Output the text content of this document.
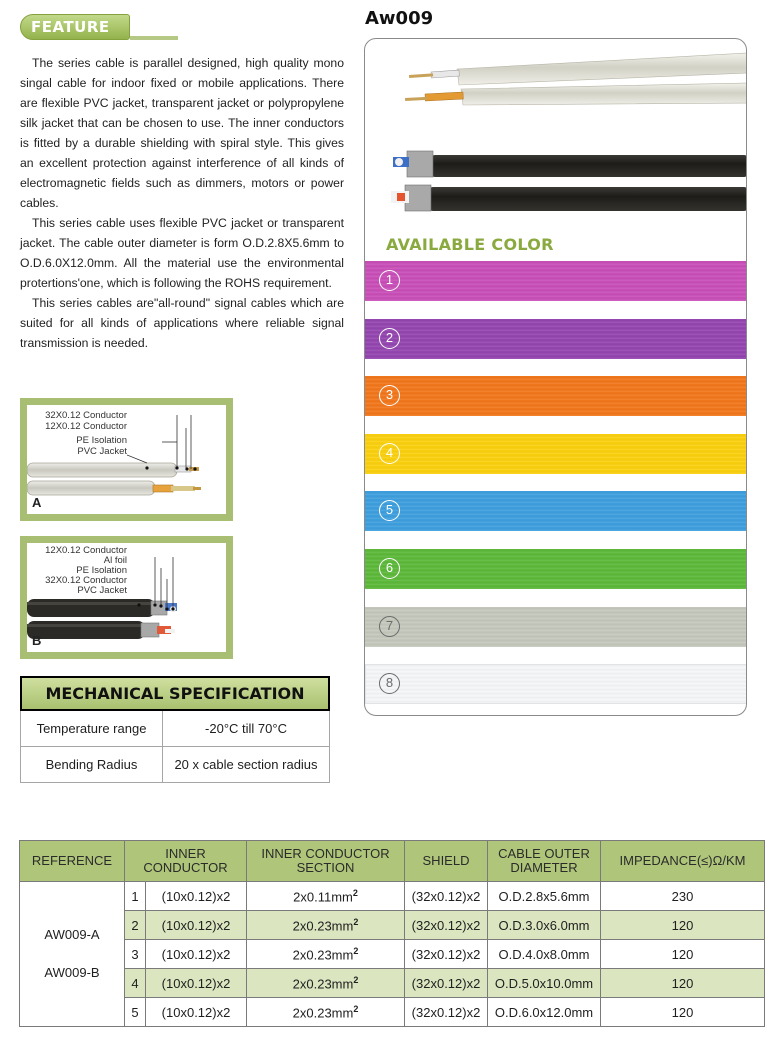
FEATURE

The series cable is parallel designed, high quality mono singal cable for indoor fixed or mobile applications. There are flexible PVC jacket, transparent jacket or polypropylene silk jacket that can be chosen to use. The inner conductors is fitted by a durable shielding with spiral style. This gives an excellent protection against interference of all kinds of electromagnetic fields such as dimmers, motors or power cables.

This series cable uses flexible PVC jacket or transparent jacket. The cable outer diameter is form O.D.2.8X5.6mm to O.D.6.0X12.0mm. All the material use the environmental protertions'one, which is following the ROHS requirement.

This series cables are"all-round" signal cables which are suited for all kinds of applications where reliable signal transmission is needed.

32X0.12 Conductor
12X0.12 Conductor
PE Isolation
PVC Jacket
A
12X0.12 Conductor
Al foil
PE Isolation
32X0.12 Conductor
PVC Jacket
B
MECHANICAL SPECIFICATION
Temperature range	-20°C till 70°C
Bending Radius	20 x cable section radius
Aw009
AVAILABLE COLOR
1
2
3
4
5
6
7
8
REFERENCE	INNER CONDUCTOR		INNER CONDUCTOR SECTION	SHIELD	CABLE OUTER DIAMETER	IMPEDANCE(≤)Ω/KM

AW009-A
AW009-B	1	(10x0.12)x2	$2x0.11mm^2$	(32x0.12)x2	O.D.2.8x5.6mm	230
	2	(10x0.12)x2	$2x0.23mm^2$	(32x0.12)x2	O.D.3.0x6.0mm	120
	3	(10x0.12)x2	$2x0.23mm^2$	(32x0.12)x2	O.D.4.0x8.0mm	120
	4	(10x0.12)x2	$2x0.23mm^2$	(32x0.12)x2	O.D.5.0x10.0mm	120
	5	(10x0.12)x2	$2x0.23mm^2$	(32x0.12)x2	O.D.6.0x12.0mm	120
